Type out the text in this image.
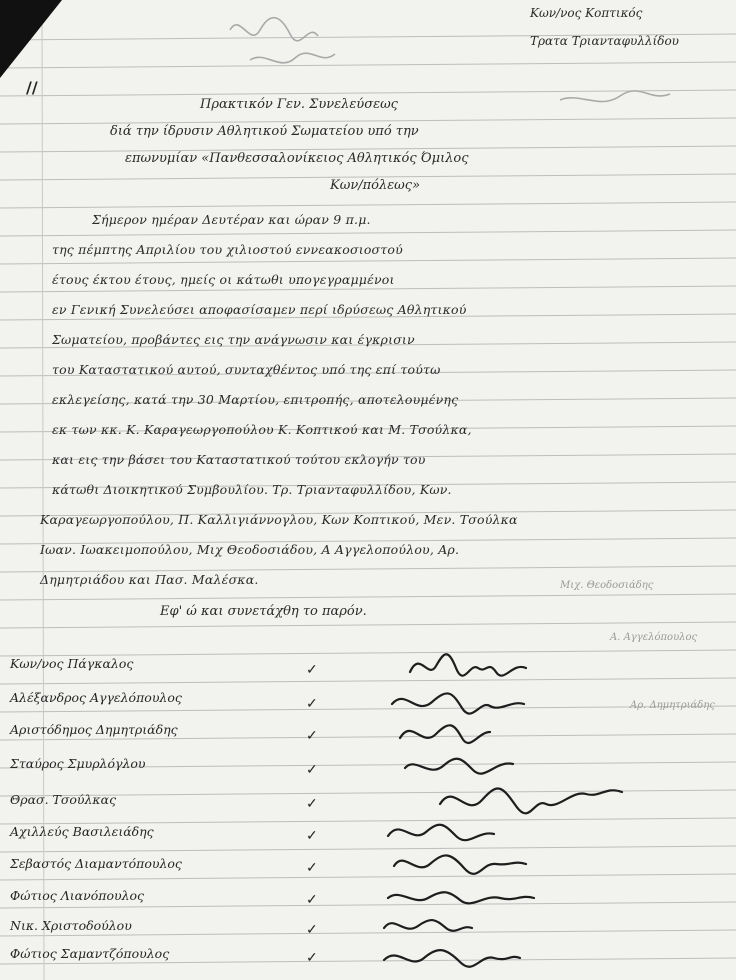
//
Κων/νος Κοπτικός
Τρατα Τριανταφυλλίδου
Πρακτικόν Γεν. Συνελεύσεως
διά την ίδρυσιν Αθλητικού Σωματείου υπό την
επωνυμίαν «Πανθεσσαλονίκειος Αθλητικός Όμιλος
Κων/πόλεως»
Σήμερον ημέραν Δευτέραν και ώραν 9 π.μ.
της πέμπτης Απριλίου του χιλιοστού εννεακοσιοστού
έτους έκτου έτους, ημείς οι κάτωθι υπογεγραμμένοι
εν Γενική Συνελεύσει αποφασίσαμεν περί ιδρύσεως Αθλητικού
Σωματείου, προβάντες εις την ανάγνωσιν και έγκρισιν
του Καταστατικού αυτού, συνταχθέντος υπό της επί τούτω
εκλεγείσης, κατά την 30 Μαρτίου, επιτροπής, αποτελουμένης
εκ των κκ. Κ. Καραγεωργοπούλου Κ. Κοπτικού και Μ. Τσούλκα,
και εις την βάσει του Καταστατικού τούτου εκλογήν του
κάτωθι Διοικητικού Συμβουλίου. Τρ. Τριανταφυλλίδου, Κων.
Καραγεωργοπούλου, Π. Καλλιγιάννογλου, Κων Κοπτικού, Μεν. Τσούλκα
Ιωαν. Ιωακειμοπούλου, Μιχ Θεοδοσιάδου, Α Αγγελοπούλου, Αρ.
Δημητριάδου και Πασ. Μαλέσκα.
Εφ' ώ και συνετάχθη το παρόν.
Μιχ. Θεοδοσιάδης
Α. Αγγελόπουλος
Αρ. Δημητριάδης
Κων/νος Πάγκαλος
Αλέξανδρος Αγγελόπουλος
Αριστόδημος Δημητριάδης
Σταύρος Σμυρλόγλου
Θρασ. Τσούλκας
Αχιλλεύς Βασιλειάδης
Σεβαστός Διαμαντόπουλος
Φώτιος Λιανόπουλος
Νικ. Χριστοδούλου
Φώτιος Σαμαντζόπουλος
✓
✓
✓
✓
✓
✓
✓
✓
✓
✓
